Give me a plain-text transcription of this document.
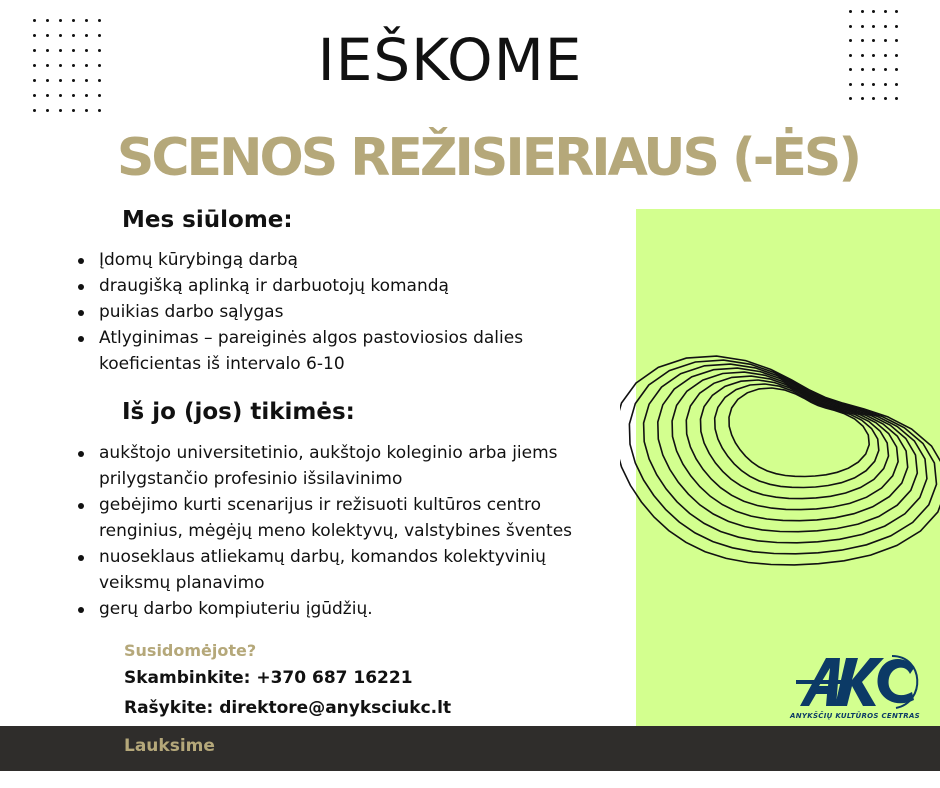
IEŠKOME
SCENOS REŽISIERIAUS (-ĖS)
Mes siūlome:
Įdomų kūrybingą darbą
draugišką aplinką ir darbuotojų komandą
puikias darbo sąlygas
Atlyginimas – pareiginės algos pastoviosios dalies koeficientas iš intervalo 6-10
Iš jo (jos) tikimės:
aukštojo universitetinio, aukštojo koleginio arba jiems prilygstančio profesinio išsilavinimo
gebėjimo kurti scenarijus ir režisuoti kultūros centro renginius, mėgėjų meno kolektyvų, valstybines šventes
nuoseklaus atliekamų darbų, komandos kolektyvinių veiksmų planavimo
gerų darbo kompiuteriu įgūdžių.
Susidomėjote?
Skambinkite: +370 687 16221
Rašykite: direktore@anyksciukc.lt	ANYKŠČIŲ KULTŪROS CENTRAS
Lauksime
